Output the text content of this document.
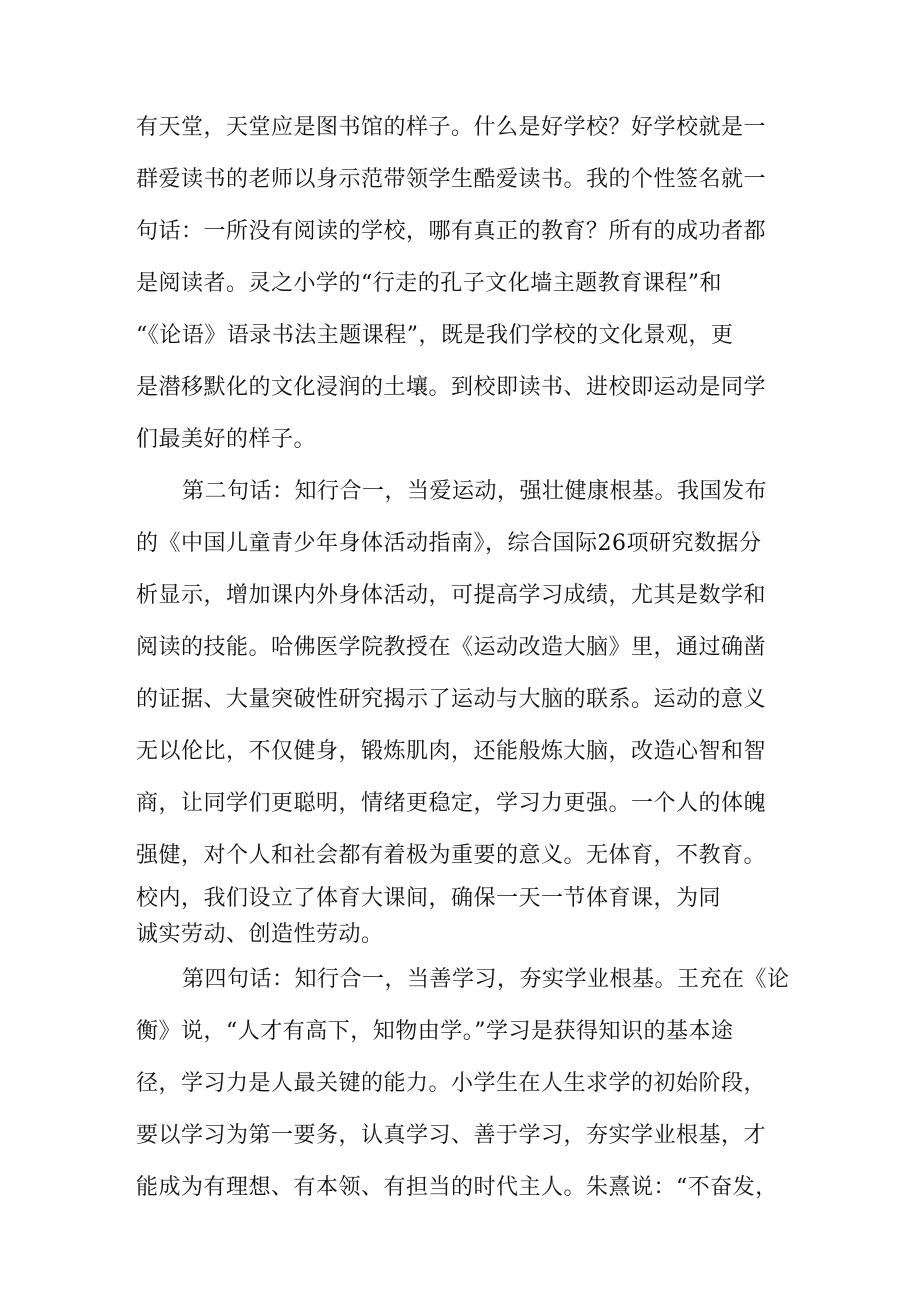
有天堂，天堂应是图书馆的样子。什么是好学校？好学校就是一
群爱读书的老师以身示范带领学生酷爱读书。我的个性签名就一
句话：一所没有阅读的学校，哪有真正的教育？所有的成功者都
是阅读者。灵之小学的“行走的孔子文化墙主题教育课程”和
“《论语》语录书法主题课程”，既是我们学校的文化景观，更
是潜移默化的文化浸润的土壤。到校即读书、进校即运动是同学
们最美好的样子。
第二句话：知行合一，当爱运动，强壮健康根基。我国发布
的《中国儿童青少年身体活动指南》，综合国际26项研究数据分
析显示，增加课内外身体活动，可提高学习成绩，尤其是数学和
阅读的技能。哈佛医学院教授在《运动改造大脑》里，通过确凿
的证据、大量突破性研究揭示了运动与大脑的联系。运动的意义
无以伦比，不仅健身，锻炼肌肉，还能般炼大脑，改造心智和智
商，让同学们更聪明，情绪更稳定，学习力更强。一个人的体魄
强健，对个人和社会都有着极为重要的意义。无体育，不教育。
校内，我们设立了体育大课间，确保一天一节体育课，为同
诚实劳动、创造性劳动。
第四句话：知行合一，当善学习，夯实学业根基。王充在《论
衡》说，“人才有高下，知物由学。”学习是获得知识的基本途
径，学习力是人最关键的能力。小学生在人生求学的初始阶段，
要以学习为第一要务，认真学习、善于学习，夯实学业根基，才
能成为有理想、有本领、有担当的时代主人。朱熹说：“不奋发，
